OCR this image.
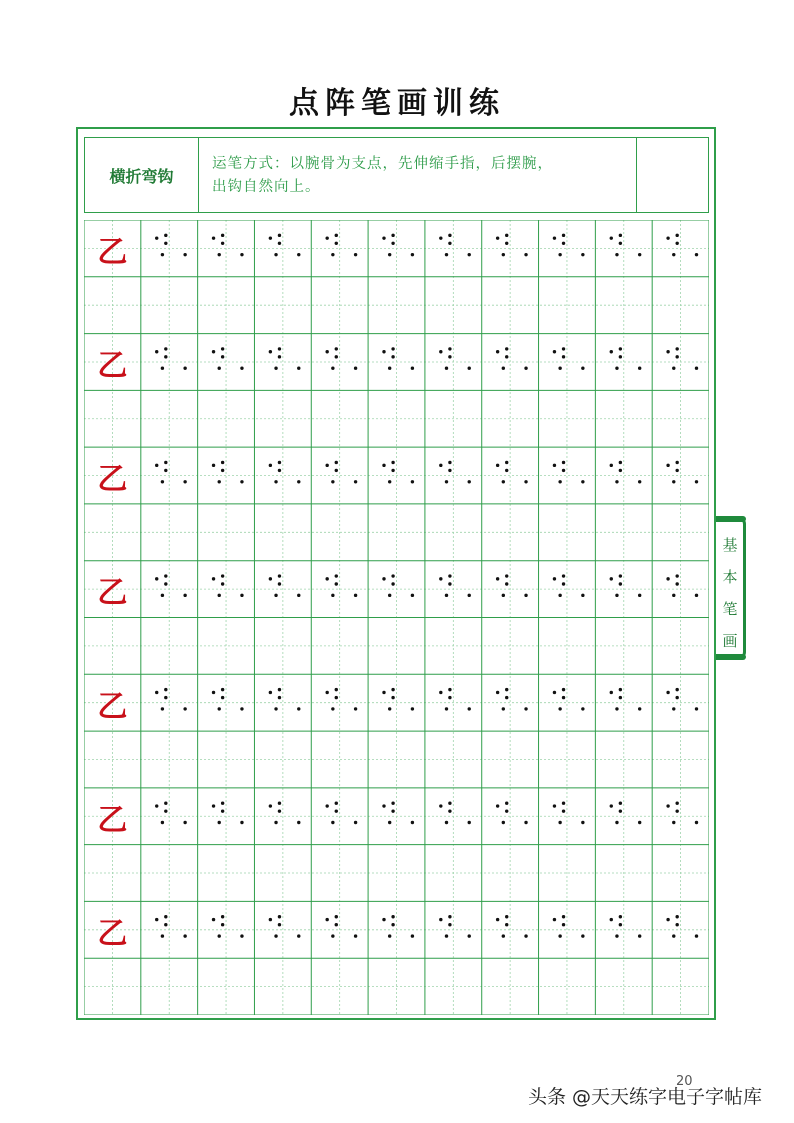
点阵笔画训练
横折弯钩
运笔方式：以腕骨为支点，先伸缩手指，后摆腕，
出钩自然向上。
乙
乙
乙
乙
乙
乙
乙
基
本
笔
画
20
头条 @天天练字电子字帖库
